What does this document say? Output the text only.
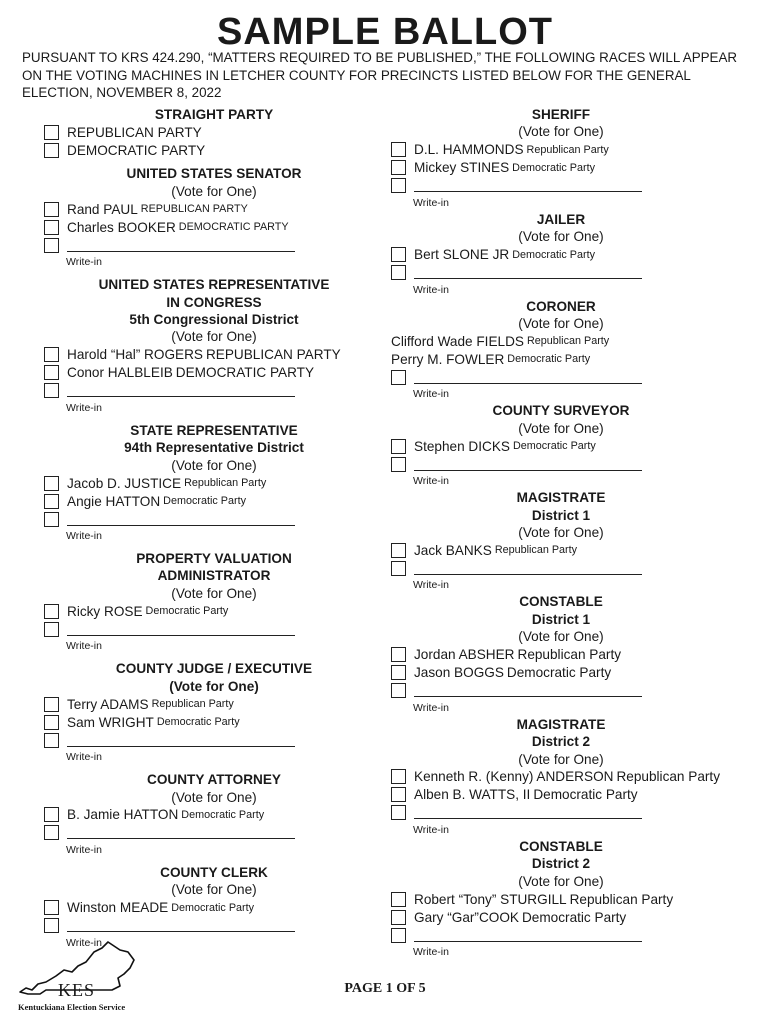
SAMPLE BALLOT
PURSUANT TO KRS 424.290, “MATTERS REQUIRED TO BE PUBLISHED,” THE FOLLOWING RACES WILL APPEAR ON THE VOTING MACHINES IN LETCHER COUNTY FOR PRECINCTS LISTED BELOW FOR THE GENERAL ELECTION, NOVEMBER 8, 2022
STRAIGHT PARTY
REPUBLICAN PARTY
DEMOCRATIC PARTY
UNITED STATES SENATOR
(Vote for One)
Rand PAUL REPUBLICAN PARTY
Charles BOOKER DEMOCRATIC PARTY
Write-in
UNITED STATES REPRESENTATIVE
IN CONGRESS
5th Congressional District
(Vote for One)
Harold “Hal” ROGERS REPUBLICAN PARTY
Conor HALBLEIB DEMOCRATIC PARTY
Write-in
STATE REPRESENTATIVE
94th Representative District
(Vote for One)
Jacob D. JUSTICE Republican Party
Angie HATTON Democratic Party
Write-in
PROPERTY VALUATION
ADMINISTRATOR
(Vote for One)
Ricky ROSE Democratic Party
Write-in
COUNTY JUDGE / EXECUTIVE
(Vote for One)
Terry ADAMS Republican Party
Sam WRIGHT Democratic Party
Write-in
COUNTY ATTORNEY
(Vote for One)
B. Jamie HATTON Democratic Party
Write-in
COUNTY CLERK
(Vote for One)
Winston MEADE Democratic Party
Write-in
SHERIFF
(Vote for One)
D.L. HAMMONDS Republican Party
Mickey STINES Democratic Party
Write-in
JAILER
(Vote for One)
Bert SLONE JR Democratic Party
Write-in
CORONER
(Vote for One)
Clifford Wade FIELDS Republican Party
Perry M. FOWLER Democratic Party
Write-in
COUNTY SURVEYOR
(Vote for One)
Stephen DICKS Democratic Party
Write-in
MAGISTRATE
District 1
(Vote for One)
Jack BANKS Republican Party
Write-in
CONSTABLE
District 1
(Vote for One)
Jordan ABSHER Republican Party
Jason BOGGS Democratic Party
Write-in
MAGISTRATE
District 2
(Vote for One)
Kenneth R. (Kenny) ANDERSON Republican Party
Alben B. WATTS, II Democratic Party
Write-in
CONSTABLE
District 2
(Vote for One)
Robert “Tony” STURGILL Republican Party
Gary “Gar”COOK Democratic Party
Write-in
KES
Kentuckiana Election Service
PAGE 1 OF 5
